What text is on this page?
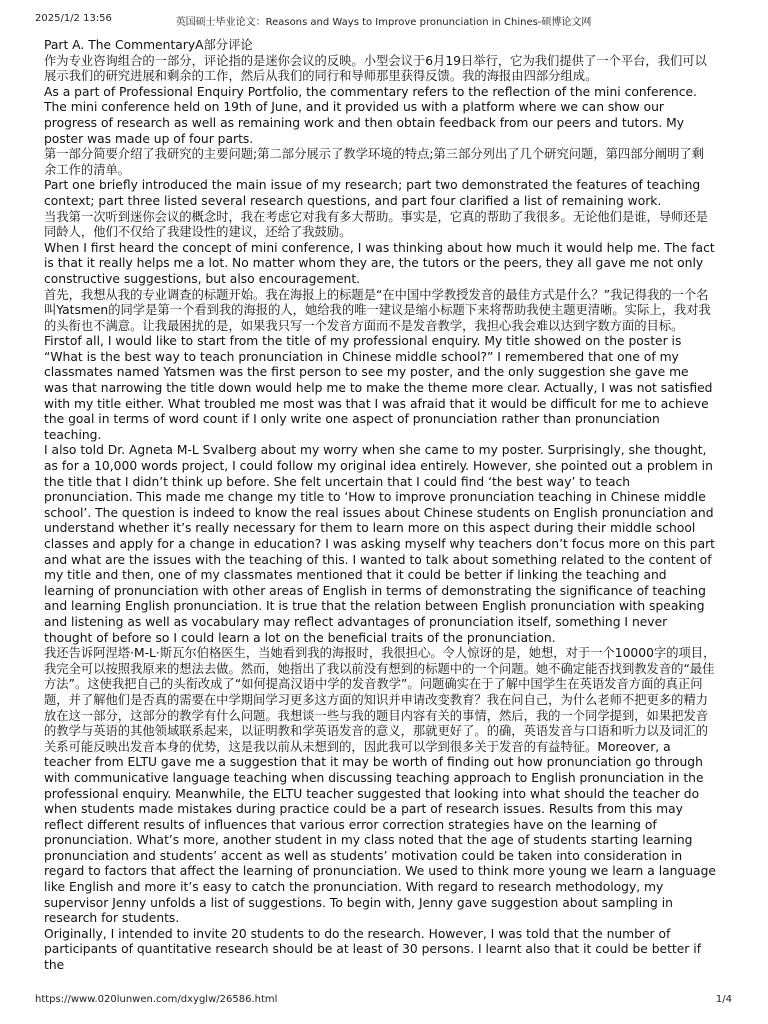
2025/1/2 13:56	英国硕士毕业论文：Reasons and Ways to Improve pronunciation in Chines-硕博论文网

Part A. The CommentaryA部分评论

作为专业咨询组合的一部分，评论指的是迷你会议的反映。小型会议于6月19日举行，它为我们提供了一个平台，我们可以展示我们的研究进展和剩余的工作，然后从我们的同行和导师那里获得反馈。我的海报由四部分组成。

As a part of Professional Enquiry Portfolio, the commentary refers to the reflection of the mini conference. The mini conference held on 19th of June, and it provided us with a platform where we can show our progress of research as well as remaining work and then obtain feedback from our peers and tutors. My poster was made up of four parts.

第一部分简要介绍了我研究的主要问题;第二部分展示了教学环境的特点;第三部分列出了几个研究问题，第四部分阐明了剩余工作的清单。

Part one briefly introduced the main issue of my research; part two demonstrated the features of teaching context; part three listed several research questions, and part four clarified a list of remaining work.

当我第一次听到迷你会议的概念时，我在考虑它对我有多大帮助。事实是，它真的帮助了我很多。无论他们是谁，导师还是同龄人，他们不仅给了我建设性的建议，还给了我鼓励。

When I first heard the concept of mini conference, I was thinking about how much it would help me. The fact is that it really helps me a lot. No matter whom they are, the tutors or the peers, they all gave me not only constructive suggestions, but also encouragement.

首先，我想从我的专业调查的标题开始。我在海报上的标题是“在中国中学教授发音的最佳方式是什么？”我记得我的一个名叫Yatsmen的同学是第一个看到我的海报的人，她给我的唯一建议是缩小标题下来将帮助我使主题更清晰。实际上，我对我的头衔也不满意。让我最困扰的是，如果我只写一个发音方面而不是发音教学，我担心我会难以达到字数方面的目标。Firstof all, I would like to start from the title of my professional enquiry. My title showed on the poster is “What is the best way to teach pronunciation in Chinese middle school?” I remembered that one of my classmates named Yatsmen was the first person to see my poster, and the only suggestion she gave me was that narrowing the title down would help me to make the theme more clear. Actually, I was not satisfied with my title either. What troubled me most was that I was afraid that it would be difficult for me to achieve the goal in terms of word count if I only write one aspect of pronunciation rather than pronunciation teaching.

I also told Dr. Agneta M-L Svalberg about my worry when she came to my poster. Surprisingly, she thought, as for a 10,000 words project, I could follow my original idea entirely. However, she pointed out a problem in the title that I didn’t think up before. She felt uncertain that I could find ‘the best way’ to teach pronunciation. This made me change my title to ‘How to improve pronunciation teaching in Chinese middle school’. The question is indeed to know the real issues about Chinese students on English pronunciation and understand whether it’s really necessary for them to learn more on this aspect during their middle school classes and apply for a change in education? I was asking myself why teachers don’t focus more on this part and what are the issues with the teaching of this. I wanted to talk about something related to the content of my title and then, one of my classmates mentioned that it could be better if linking the teaching and learning of pronunciation with other areas of English in terms of demonstrating the significance of teaching and learning English pronunciation. It is true that the relation between English pronunciation with speaking and listening as well as vocabulary may reflect advantages of pronunciation itself, something I never thought of before so I could learn a lot on the beneficial traits of the pronunciation.

我还告诉阿涅塔·M-L·斯瓦尔伯格医生，当她看到我的海报时，我很担心。令人惊讶的是，她想，对于一个10000字的项目，我完全可以按照我原来的想法去做。然而，她指出了我以前没有想到的标题中的一个问题。她不确定能否找到教发音的“最佳方法”。这使我把自己的头衔改成了“如何提高汉语中学的发音教学”。问题确实在于了解中国学生在英语发音方面的真正问题，并了解他们是否真的需要在中学期间学习更多这方面的知识并申请改变教育？我在问自己，为什么老师不把更多的精力放在这一部分，这部分的教学有什么问题。我想谈一些与我的题目内容有关的事情，然后，我的一个同学提到，如果把发音的教学与英语的其他领域联系起来，以证明教和学英语发音的意义，那就更好了。的确，英语发音与口语和听力以及词汇的关系可能反映出发音本身的优势，这是我以前从未想到的，因此我可以学到很多关于发音的有益特征。Moreover, a teacher from ELTU gave me a suggestion that it may be worth of finding out how pronunciation go through with communicative language teaching when discussing teaching approach to English pronunciation in the professional enquiry. Meanwhile, the ELTU teacher suggested that looking into what should the teacher do when students made mistakes during practice could be a part of research issues. Results from this may reflect different results of influences that various error correction strategies have on the learning of pronunciation. What’s more, another student in my class noted that the age of students starting learning pronunciation and students’ accent as well as students’ motivation could be taken into consideration in regard to factors that affect the learning of pronunciation. We used to think more young we learn a language like English and more it’s easy to catch the pronunciation. With regard to research methodology, my supervisor Jenny unfolds a list of suggestions. To begin with, Jenny gave suggestion about sampling in research for students.

Originally, I intended to invite 20 students to do the research. However, I was told that the number of participants of quantitative research should be at least of 30 persons. I learnt also that it could be better if the

https://www.020lunwen.com/dxyglw/26586.html	1/4
